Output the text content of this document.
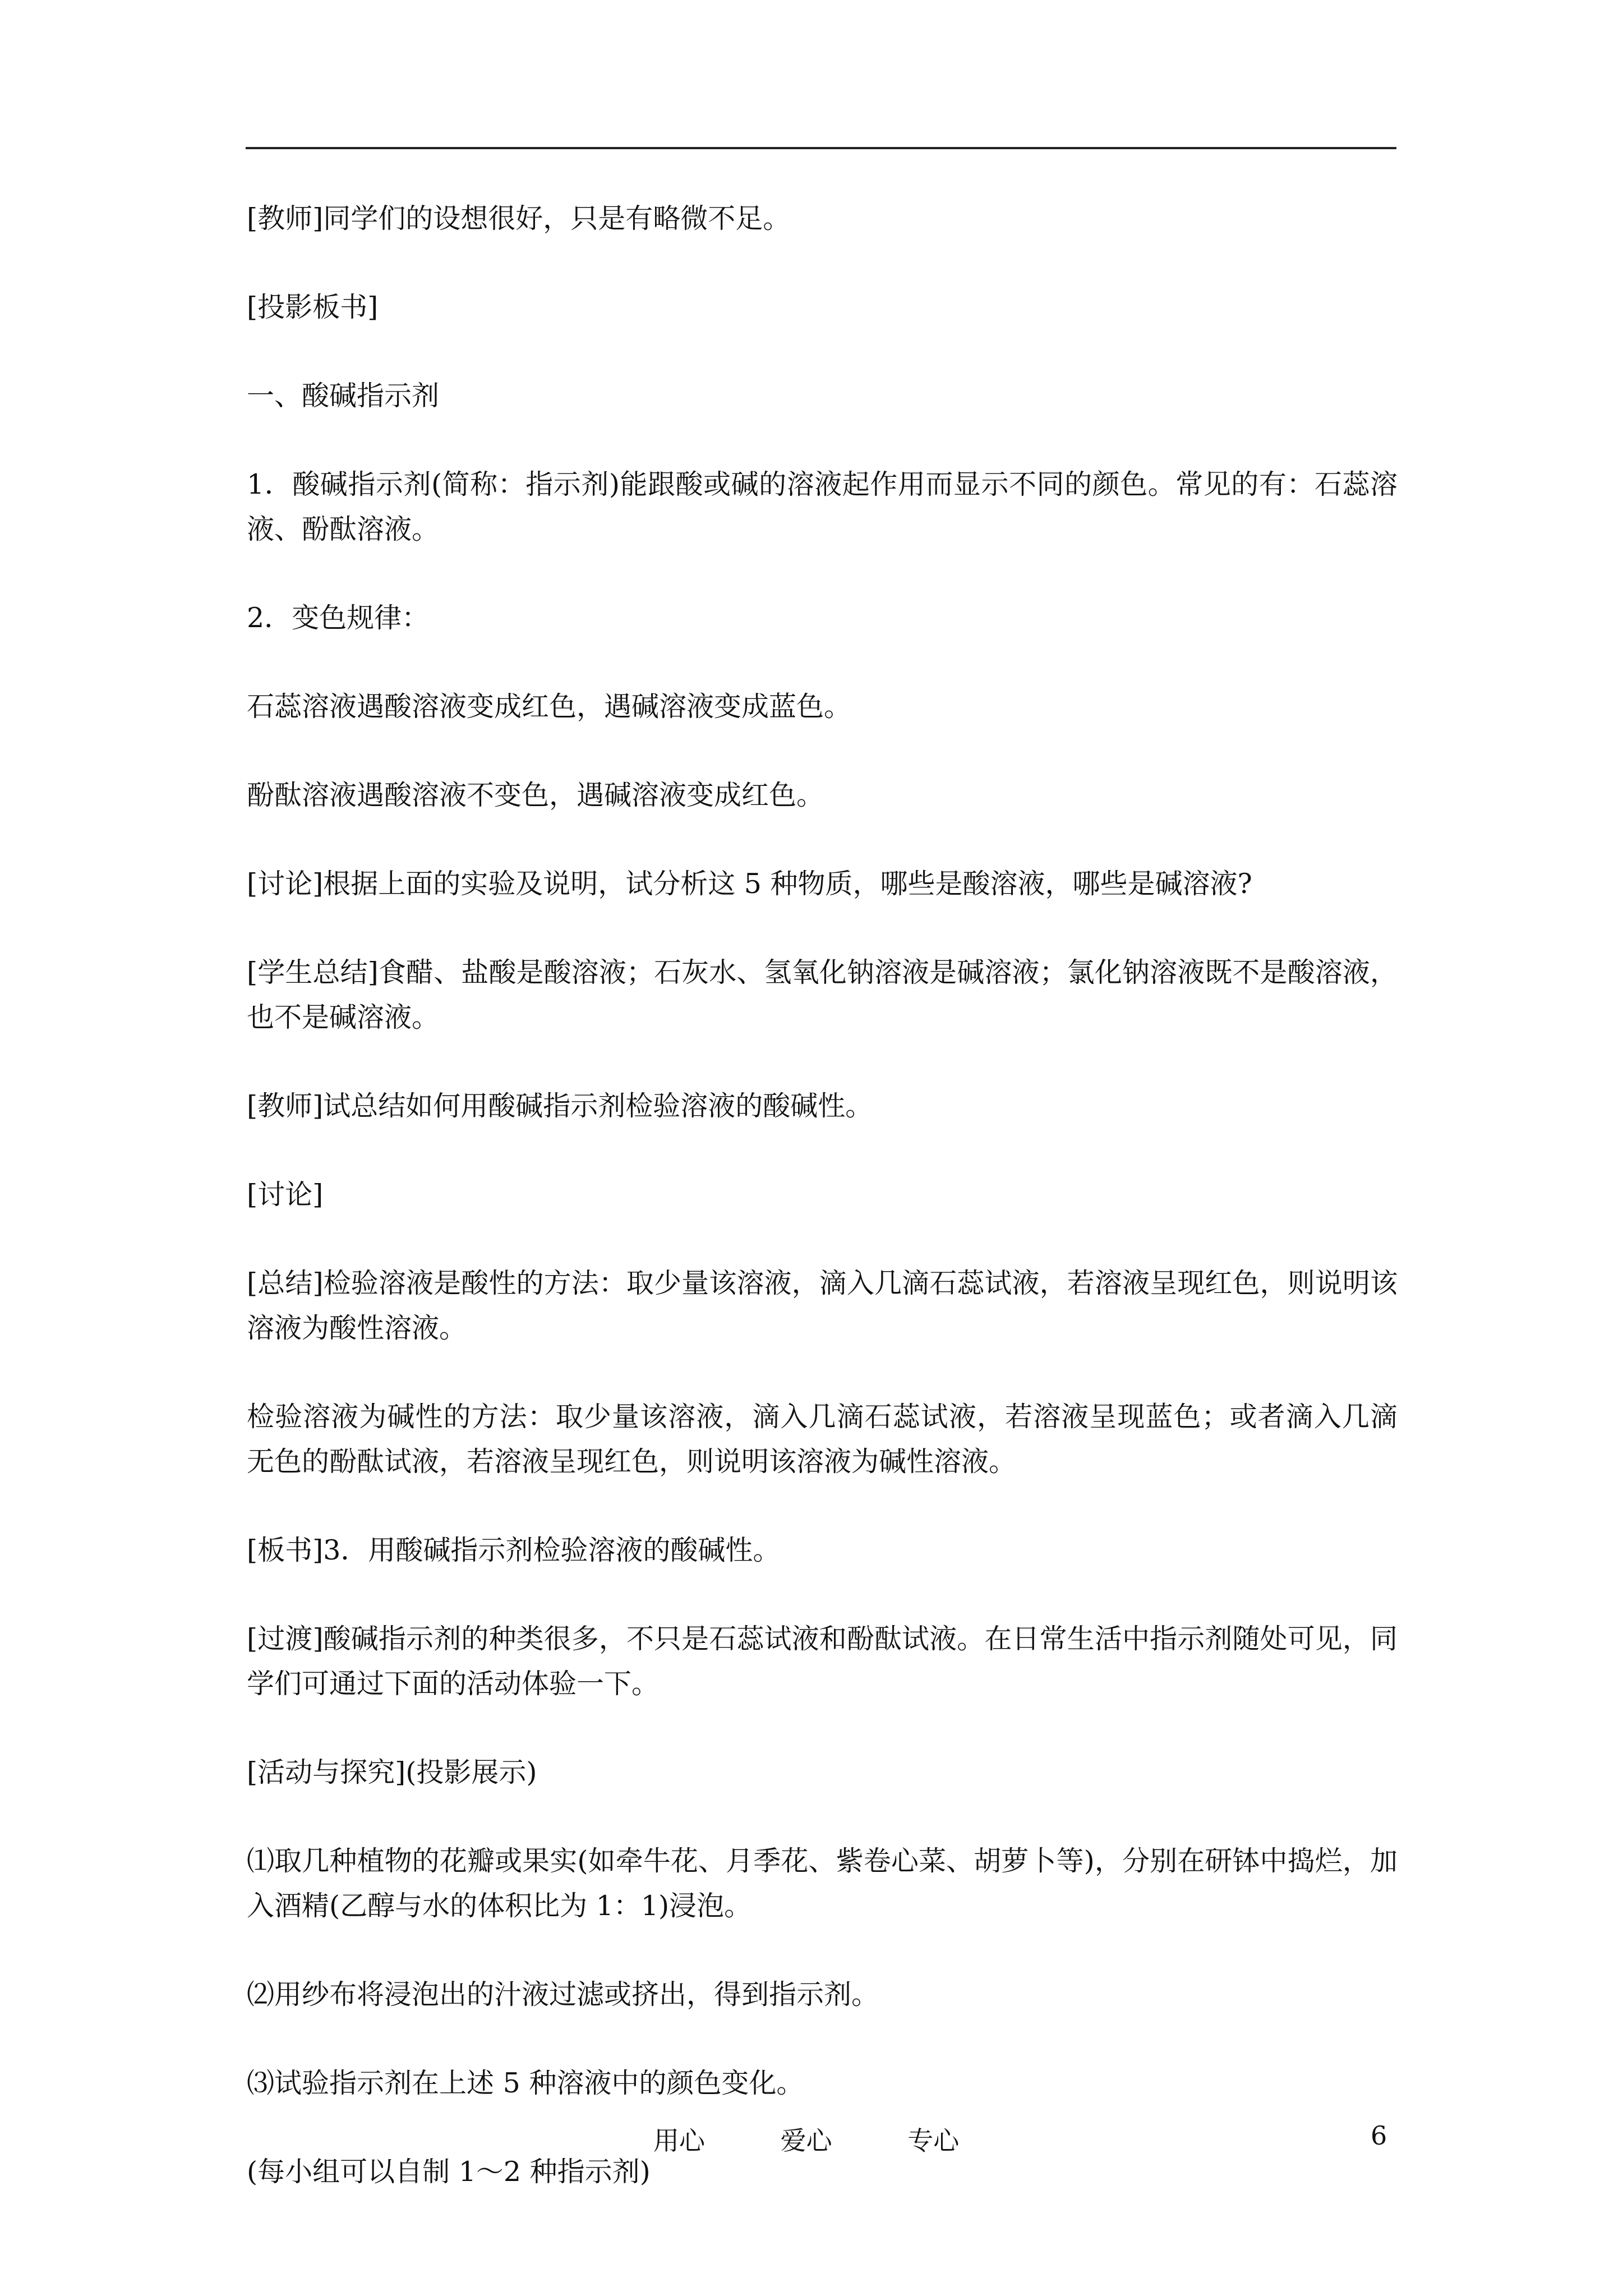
[教师]同学们的设想很好，只是有略微不足。

[投影板书]

一、酸碱指示剂

1．酸碱指示剂(简称：指示剂)能跟酸或碱的溶液起作用而显示不同的颜色。常见的有：石蕊溶液、酚酞溶液。

2．变色规律：

石蕊溶液遇酸溶液变成红色，遇碱溶液变成蓝色。

酚酞溶液遇酸溶液不变色，遇碱溶液变成红色。

[讨论]根据上面的实验及说明，试分析这 5 种物质，哪些是酸溶液，哪些是碱溶液?

[学生总结]食醋、盐酸是酸溶液；石灰水、氢氧化钠溶液是碱溶液；氯化钠溶液既不是酸溶液，也不是碱溶液。

[教师]试总结如何用酸碱指示剂检验溶液的酸碱性。

[讨论]

[总结]检验溶液是酸性的方法：取少量该溶液，滴入几滴石蕊试液，若溶液呈现红色，则说明该溶液为酸性溶液。

检验溶液为碱性的方法：取少量该溶液，滴入几滴石蕊试液，若溶液呈现蓝色；或者滴入几滴无色的酚酞试液，若溶液呈现红色，则说明该溶液为碱性溶液。

[板书]3．用酸碱指示剂检验溶液的酸碱性。

[过渡]酸碱指示剂的种类很多，不只是石蕊试液和酚酞试液。在日常生活中指示剂随处可见，同学们可通过下面的活动体验一下。

[活动与探究](投影展示)

⑴取几种植物的花瓣或果实(如牵牛花、月季花、紫卷心菜、胡萝卜等)，分别在研钵中捣烂，加入酒精(乙醇与水的体积比为 1：1)浸泡。

⑵用纱布将浸泡出的汁液过滤或挤出，得到指示剂。

⑶试验指示剂在上述 5 种溶液中的颜色变化。

(每小组可以自制 1～2 种指示剂)

用心	爱心	专心	6
